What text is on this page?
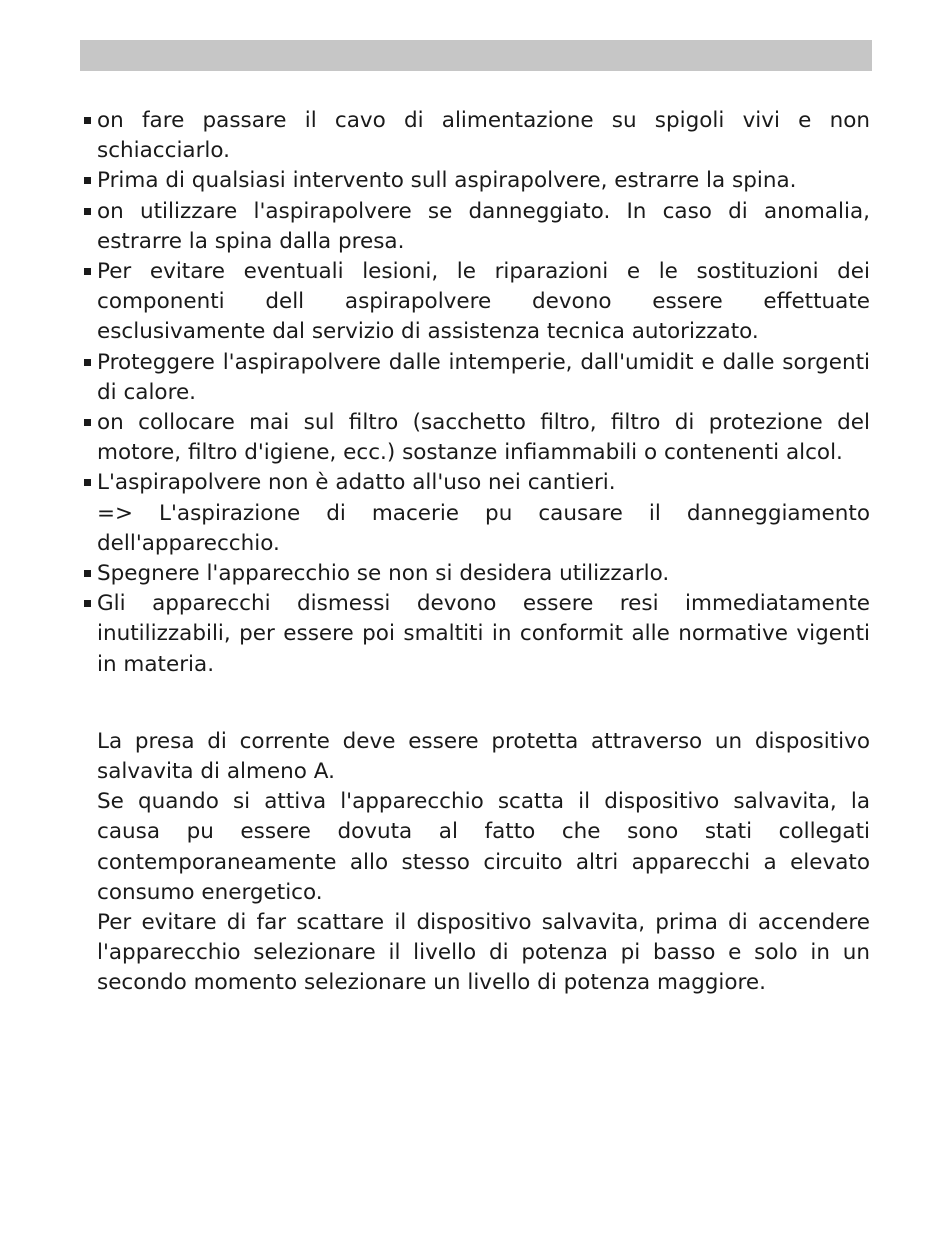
on fare passare il cavo di alimentazione su spigoli vivi e non schiacciarlo.
Prima di qualsiasi intervento sull aspirapolvere, estrarre la spina.
on utilizzare l'aspirapolvere se danneggiato. In caso di anomalia, estrarre la spina dalla presa.
Per evitare eventuali lesioni, le riparazioni e le sostituzioni dei componenti dell aspirapolvere devono essere effettuate esclusivamente dal servizio di assistenza tecnica autorizzato.
Proteggere l'aspirapolvere dalle intemperie, dall'umidit e dalle sorgenti di calore.
on collocare mai sul filtro (sacchetto filtro, filtro di protezione del motore, filtro d'igiene, ecc.) sostanze infiammabili o contenenti alcol.
L'aspirapolvere non è adatto all'uso nei cantieri.
=> L'aspirazione di macerie pu causare il danneggiamento dell'apparecchio.
Spegnere l'apparecchio se non si desidera utilizzarlo.
Gli apparecchi dismessi devono essere resi immediatamente inutilizzabili, per essere poi smaltiti in conformit alle normative vigenti in materia.
La presa di corrente deve essere protetta attraverso un dispositivo salvavita di almeno A.
Se quando si attiva l'apparecchio scatta il dispositivo salvavita, la causa pu essere dovuta al fatto che sono stati collegati contemporaneamente allo stesso circuito altri apparecchi a elevato consumo energetico.
Per evitare di far scattare il dispositivo salvavita, prima di accendere l'apparecchio selezionare il livello di potenza pi basso e solo in un secondo momento selezionare un livello di potenza maggiore.
